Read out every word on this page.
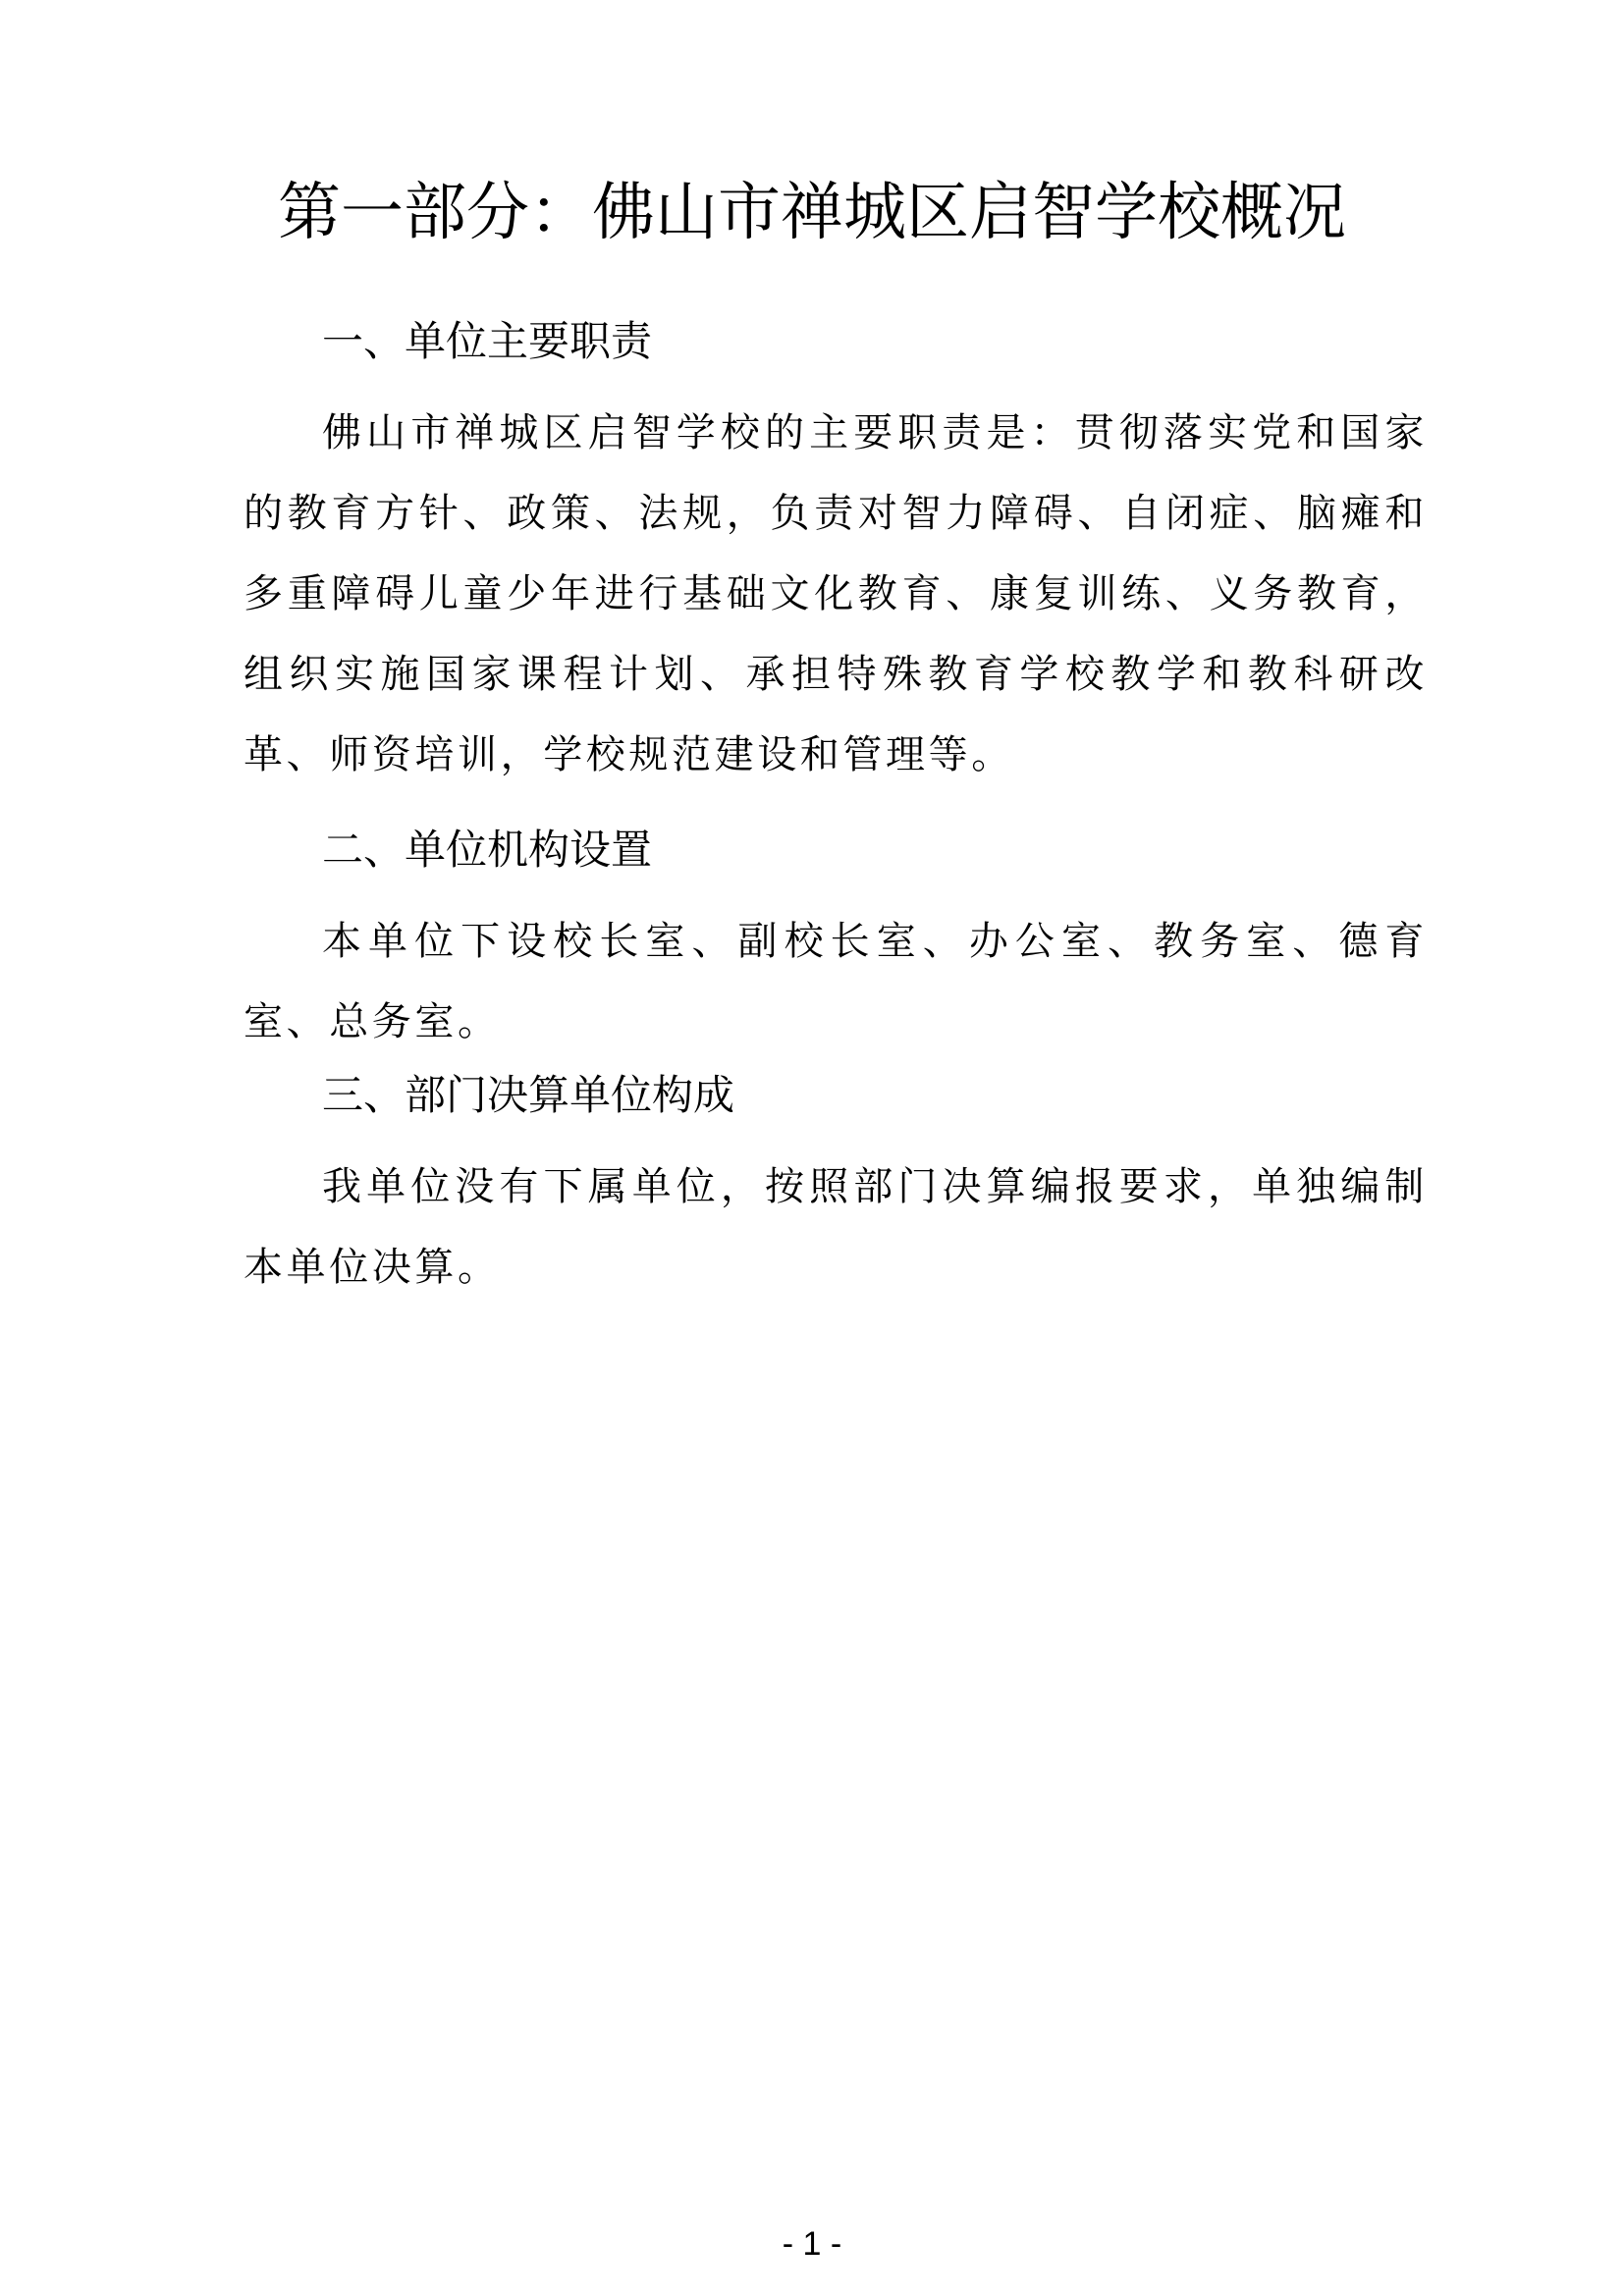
第一部分：佛山市禅城区启智学校概况
一、单位主要职责

佛山市禅城区启智学校的主要职责是：贯彻落实党和国家的教育方针、政策、法规，负责对智力障碍、自闭症、脑瘫和多重障碍儿童少年进行基础文化教育、康复训练、义务教育，组织实施国家课程计划、承担特殊教育学校教学和教科研改革、师资培训，学校规范建设和管理等。

二、单位机构设置

本单位下设校长室、副校长室、办公室、教务室、德育室、总务室。

三、部门决算单位构成

我单位没有下属单位，按照部门决算编报要求，单独编制本单位决算。

- 1 -
